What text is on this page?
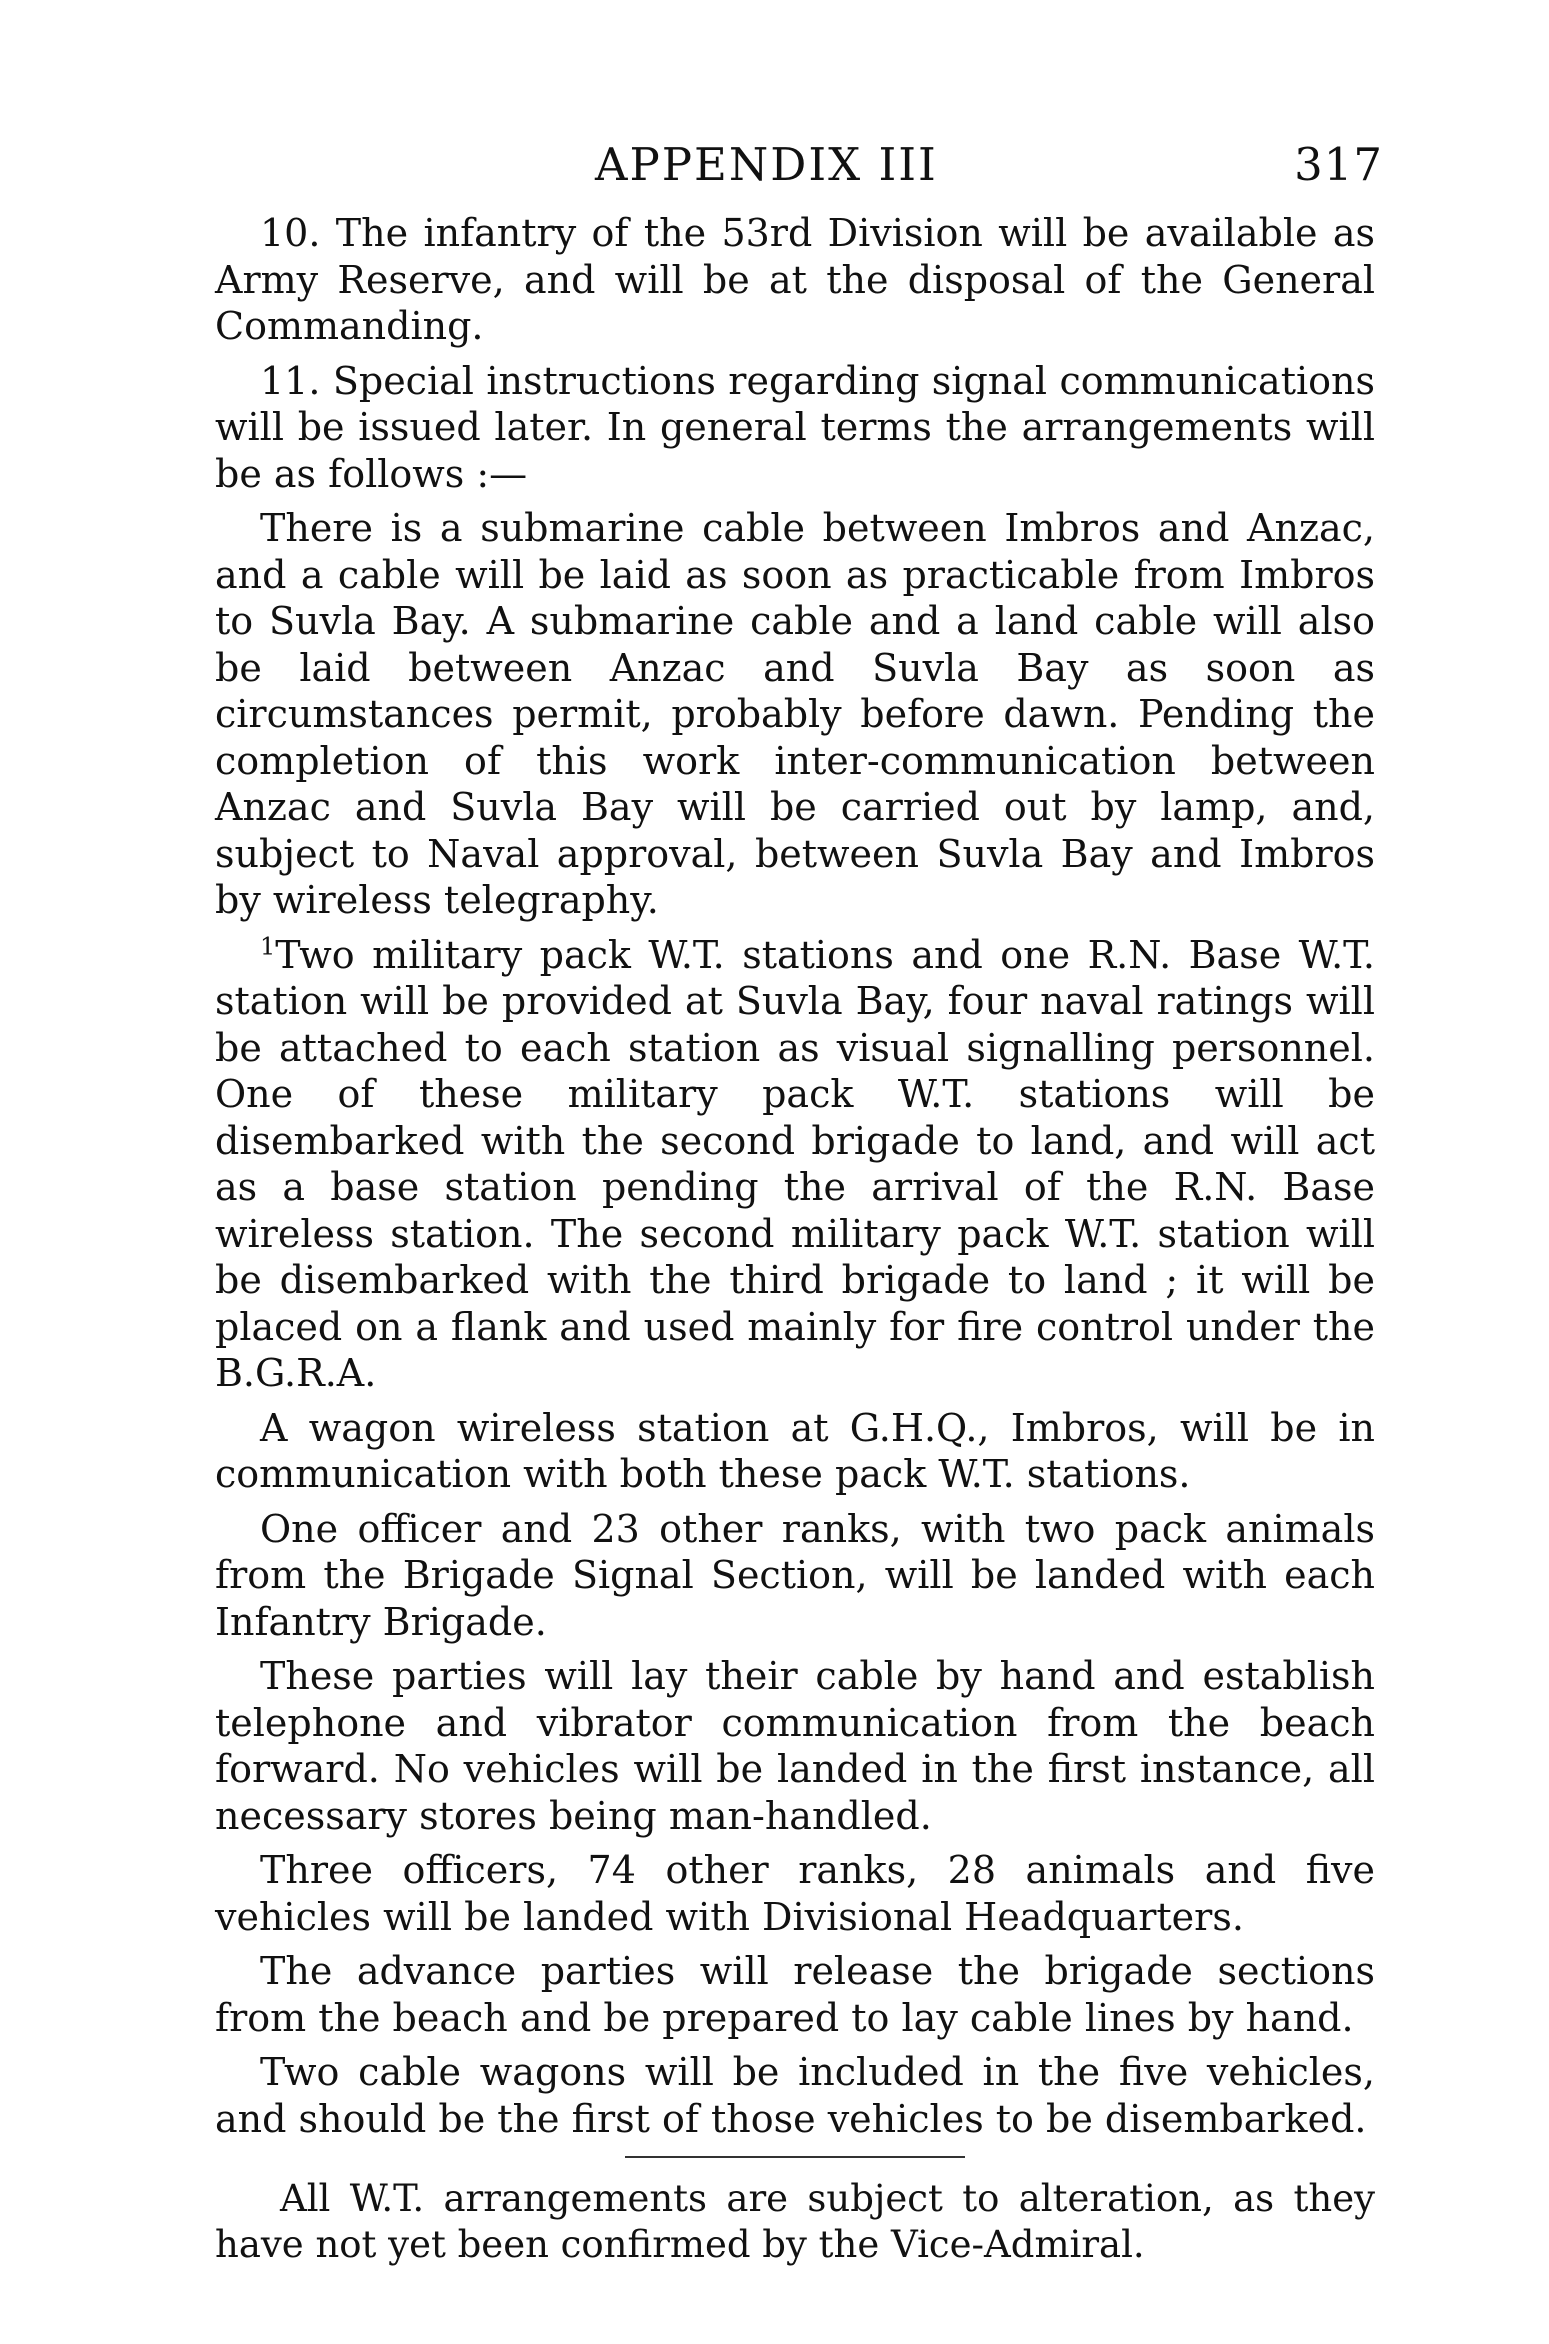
APPENDIX III	317

10. The infantry of the 53rd Division will be available as Army Reserve, and will be at the disposal of the General Commanding.

11. Special instructions regarding signal communications will be issued later. In general terms the arrangements will be as follows :—

There is a submarine cable between Imbros and Anzac, and a cable will be laid as soon as practicable from Imbros to Suvla Bay. A submarine cable and a land cable will also be laid between Anzac and Suvla Bay as soon as circumstances permit, probably before dawn. Pending the completion of this work inter-communication between Anzac and Suvla Bay will be carried out by lamp, and, subject to Naval approval, between Suvla Bay and Imbros by wireless telegraphy.

$^1$Two military pack W.T. stations and one R.N. Base W.T. station will be provided at Suvla Bay, four naval ratings will be attached to each station as visual signalling personnel. One of these military pack W.T. stations will be disembarked with the second brigade to land, and will act as a base station pending the arrival of the R.N. Base wireless station. The second military pack W.T. station will be disembarked with the third brigade to land ; it will be placed on a flank and used mainly for fire control under the B.G.R.A.

A wagon wireless station at G.H.Q., Imbros, will be in communication with both these pack W.T. stations.

One officer and 23 other ranks, with two pack animals from the Brigade Signal Section, will be landed with each Infantry Brigade.

These parties will lay their cable by hand and establish telephone and vibrator communication from the beach forward. No vehicles will be landed in the first instance, all necessary stores being man-handled.

Three officers, 74 other ranks, 28 animals and five vehicles will be landed with Divisional Headquarters.

The advance parties will release the brigade sections from the beach and be prepared to lay cable lines by hand.

Two cable wagons will be included in the five vehicles, and should be the first of those vehicles to be disembarked.

All W.T. arrangements are subject to alteration, as they have not yet been confirmed by the Vice-Admiral.
